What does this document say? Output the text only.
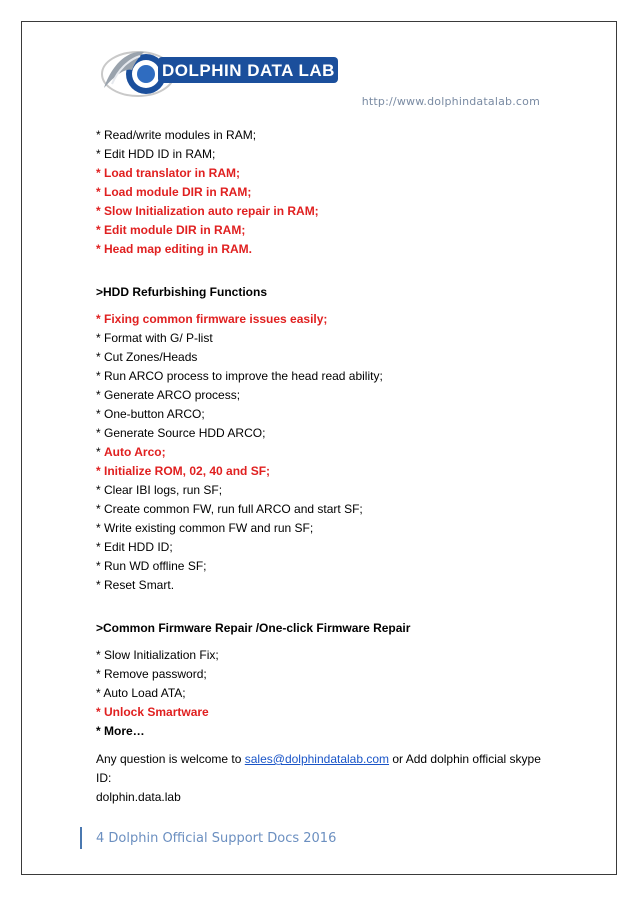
DOLPHIN DATA LAB
http://www.dolphindatalab.com
* Read/write modules in RAM;
* Edit HDD ID in RAM;
* Load translator in RAM;
* Load module DIR in RAM;
* Slow Initialization auto repair in RAM;
* Edit module DIR in RAM;
* Head map editing in RAM.
>HDD Refurbishing Functions
* Fixing common firmware issues easily;
* Format with G/ P-list
* Cut Zones/Heads
* Run ARCO process to improve the head read ability;
* Generate ARCO process;
* One-button ARCO;
* Generate Source HDD ARCO;
* Auto Arco;
* Initialize ROM, 02, 40 and SF;
* Clear IBI logs, run SF;
* Create common FW, run full ARCO and start SF;
* Write existing common FW and run SF;
* Edit HDD ID;
* Run WD offline SF;
* Reset Smart.
>Common Firmware Repair /One-click Firmware Repair
* Slow Initialization Fix;
* Remove password;
* Auto Load ATA;
* Unlock Smartware
* More…
Any question is welcome to sales@dolphindatalab.com or Add dolphin official skype ID:
dolphin.data.lab
4 Dolphin Official Support Docs 2016
